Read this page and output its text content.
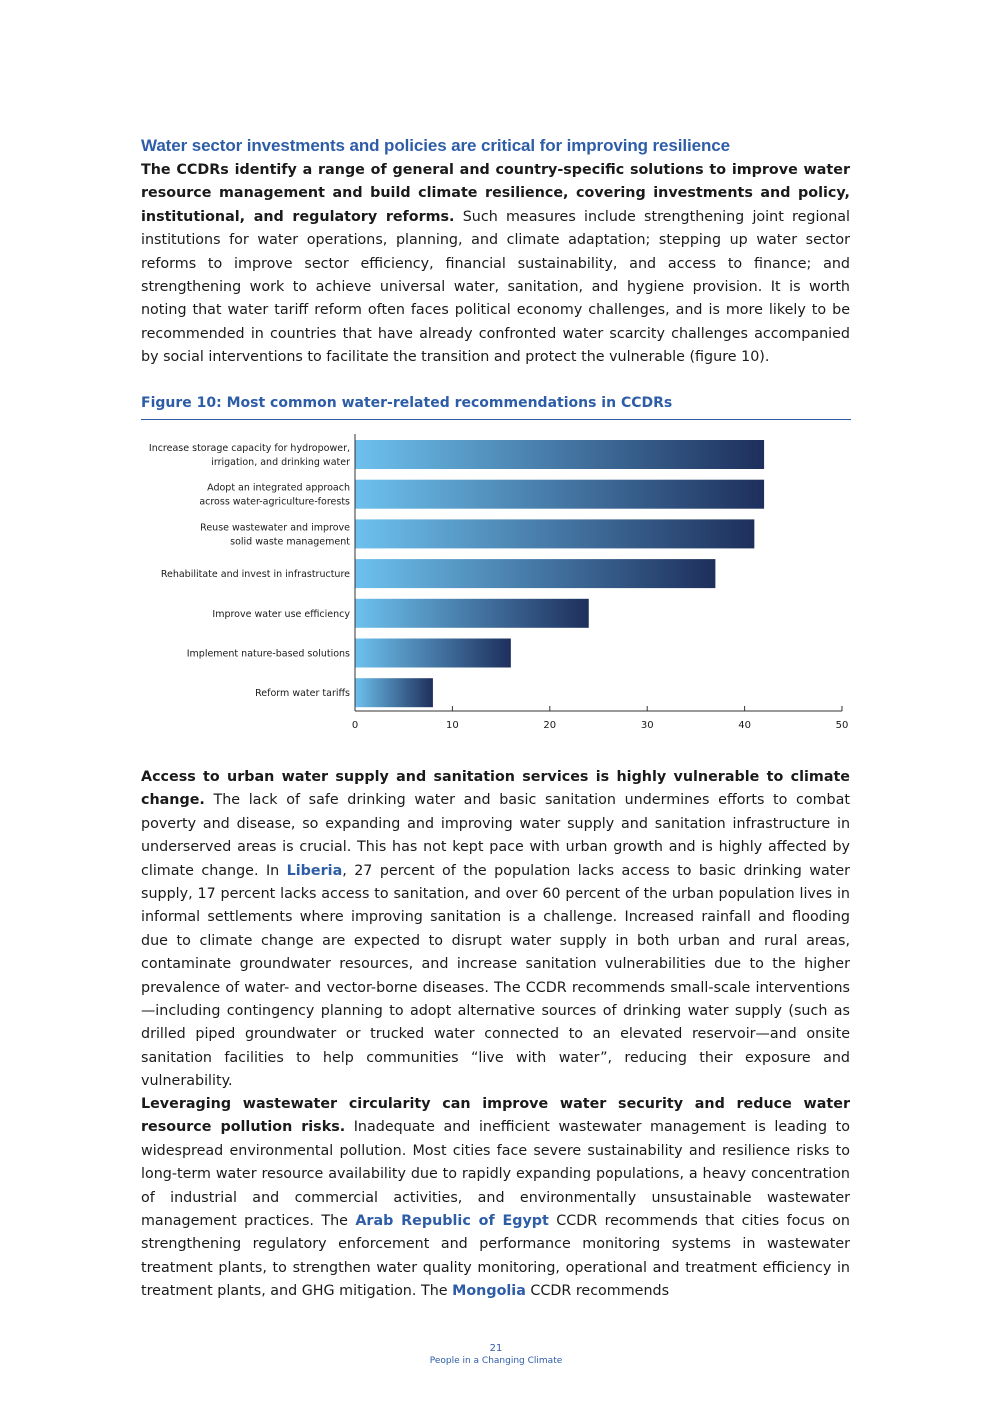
Water sector investments and policies are critical for improving resilience
The CCDRs identify a range of general and country-specific solutions to improve water resource management and build climate resilience, covering investments and policy, institutional, and regulatory reforms. Such measures include strengthening joint regional institutions for water operations, planning, and climate adaptation; stepping up water sector reforms to improve sector efficiency, financial sustainability, and access to finance; and strengthening work to achieve universal water, sanitation, and hygiene provision. It is worth noting that water tariff reform often faces political economy challenges, and is more likely to be recommended in countries that have already confronted water scarcity challenges accompanied by social interventions to facilitate the transition and protect the vulnerable (figure 10).
Figure 10: Most common water-related recommendations in CCDRs
Increase storage capacity for hydropower,
irrigation, and drinking water
Adopt an integrated approach
across water-agriculture-forests
Reuse wastewater and improve
solid waste management
Rehabilitate and invest in infrastructure
Improve water use efficiency
Implement nature-based solutions
Reform water tariffs
0	10	20	30	40	50
Access to urban water supply and sanitation services is highly vulnerable to climate change. The lack of safe drinking water and basic sanitation undermines efforts to combat poverty and disease, so expanding and improving water supply and sanitation infrastructure in underserved areas is crucial. This has not kept pace with urban growth and is highly affected by climate change. In Liberia, 27 percent of the population lacks access to basic drinking water supply, 17 percent lacks access to sanitation, and over 60 percent of the urban population lives in informal settlements where improving sanitation is a challenge. Increased rainfall and flooding due to climate change are expected to disrupt water supply in both urban and rural areas, contaminate groundwater resources, and increase sanitation vulnerabilities due to the higher prevalence of water- and vector-borne diseases. The CCDR recommends small-scale interventions—including contingency planning to adopt alternative sources of drinking water supply (such as drilled piped groundwater or trucked water connected to an elevated reservoir—and onsite sanitation facilities to help communities “live with water”, reducing their exposure and vulnerability.
Leveraging wastewater circularity can improve water security and reduce water resource pollution risks. Inadequate and inefficient wastewater management is leading to widespread environmental pollution. Most cities face severe sustainability and resilience risks to long-term water resource availability due to rapidly expanding populations, a heavy concentration of industrial and commercial activities, and environmentally unsustainable wastewater management practices. The Arab Republic of Egypt CCDR recommends that cities focus on strengthening regulatory enforcement and performance monitoring systems in wastewater treatment plants, to strengthen water quality monitoring, operational and treatment efficiency in treatment plants, and GHG mitigation. The Mongolia CCDR recommends
21
People in a Changing Climate
